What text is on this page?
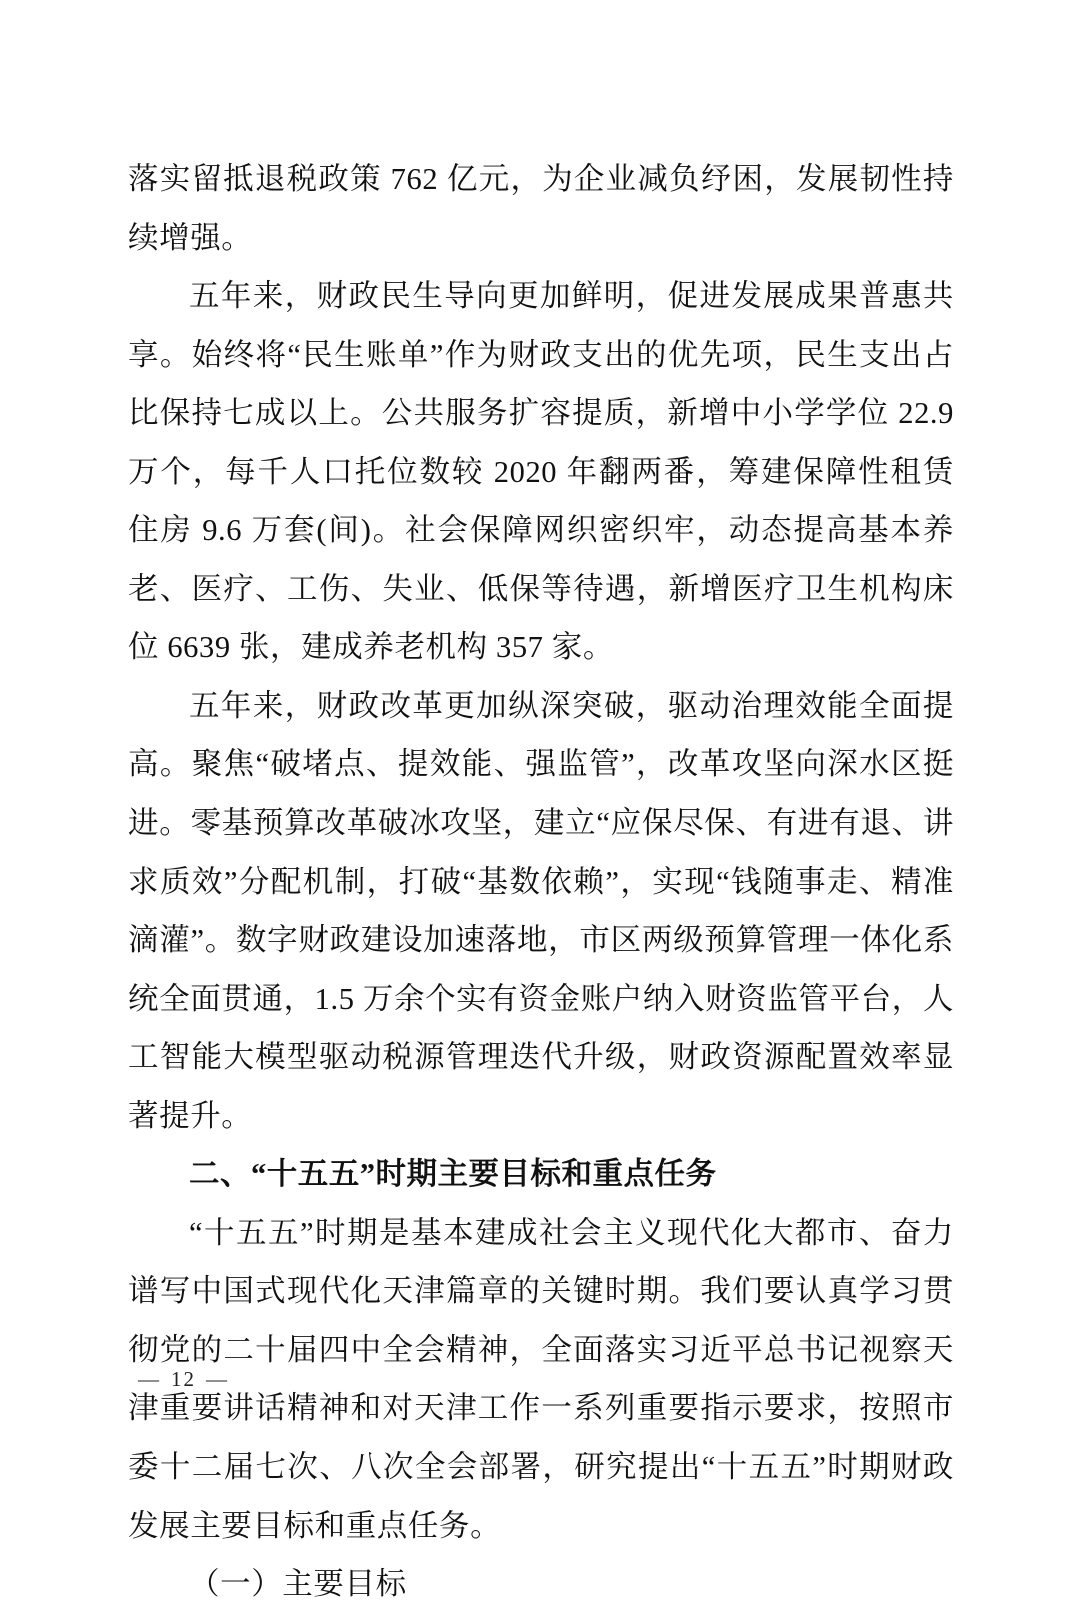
落实留抵退税政策 762 亿元，为企业减负纾困，发展韧性持续增强。

五年来，财政民生导向更加鲜明，促进发展成果普惠共享。始终将“民生账单”作为财政支出的优先项，民生支出占比保持七成以上。公共服务扩容提质，新增中小学学位 22.9 万个，每千人口托位数较 2020 年翻两番，筹建保障性租赁住房 9.6 万套(间)。社会保障网织密织牢，动态提高基本养老、医疗、工伤、失业、低保等待遇，新增医疗卫生机构床位 6639 张，建成养老机构 357 家。

五年来，财政改革更加纵深突破，驱动治理效能全面提高。聚焦“破堵点、提效能、强监管”，改革攻坚向深水区挺进。零基预算改革破冰攻坚，建立“应保尽保、有进有退、讲求质效”分配机制，打破“基数依赖”，实现“钱随事走、精准滴灌”。数字财政建设加速落地，市区两级预算管理一体化系统全面贯通，1.5 万余个实有资金账户纳入财资监管平台，人工智能大模型驱动税源管理迭代升级，财政资源配置效率显著提升。

二、“十五五”时期主要目标和重点任务

“十五五”时期是基本建成社会主义现代化大都市、奋力谱写中国式现代化天津篇章的关键时期。我们要认真学习贯彻党的二十届四中全会精神，全面落实习近平总书记视察天津重要讲话精神和对天津工作一系列重要指示要求，按照市委十二届七次、八次全会部署，研究提出“十五五”时期财政发展主要目标和重点任务。

（一）主要目标

— 12 —
